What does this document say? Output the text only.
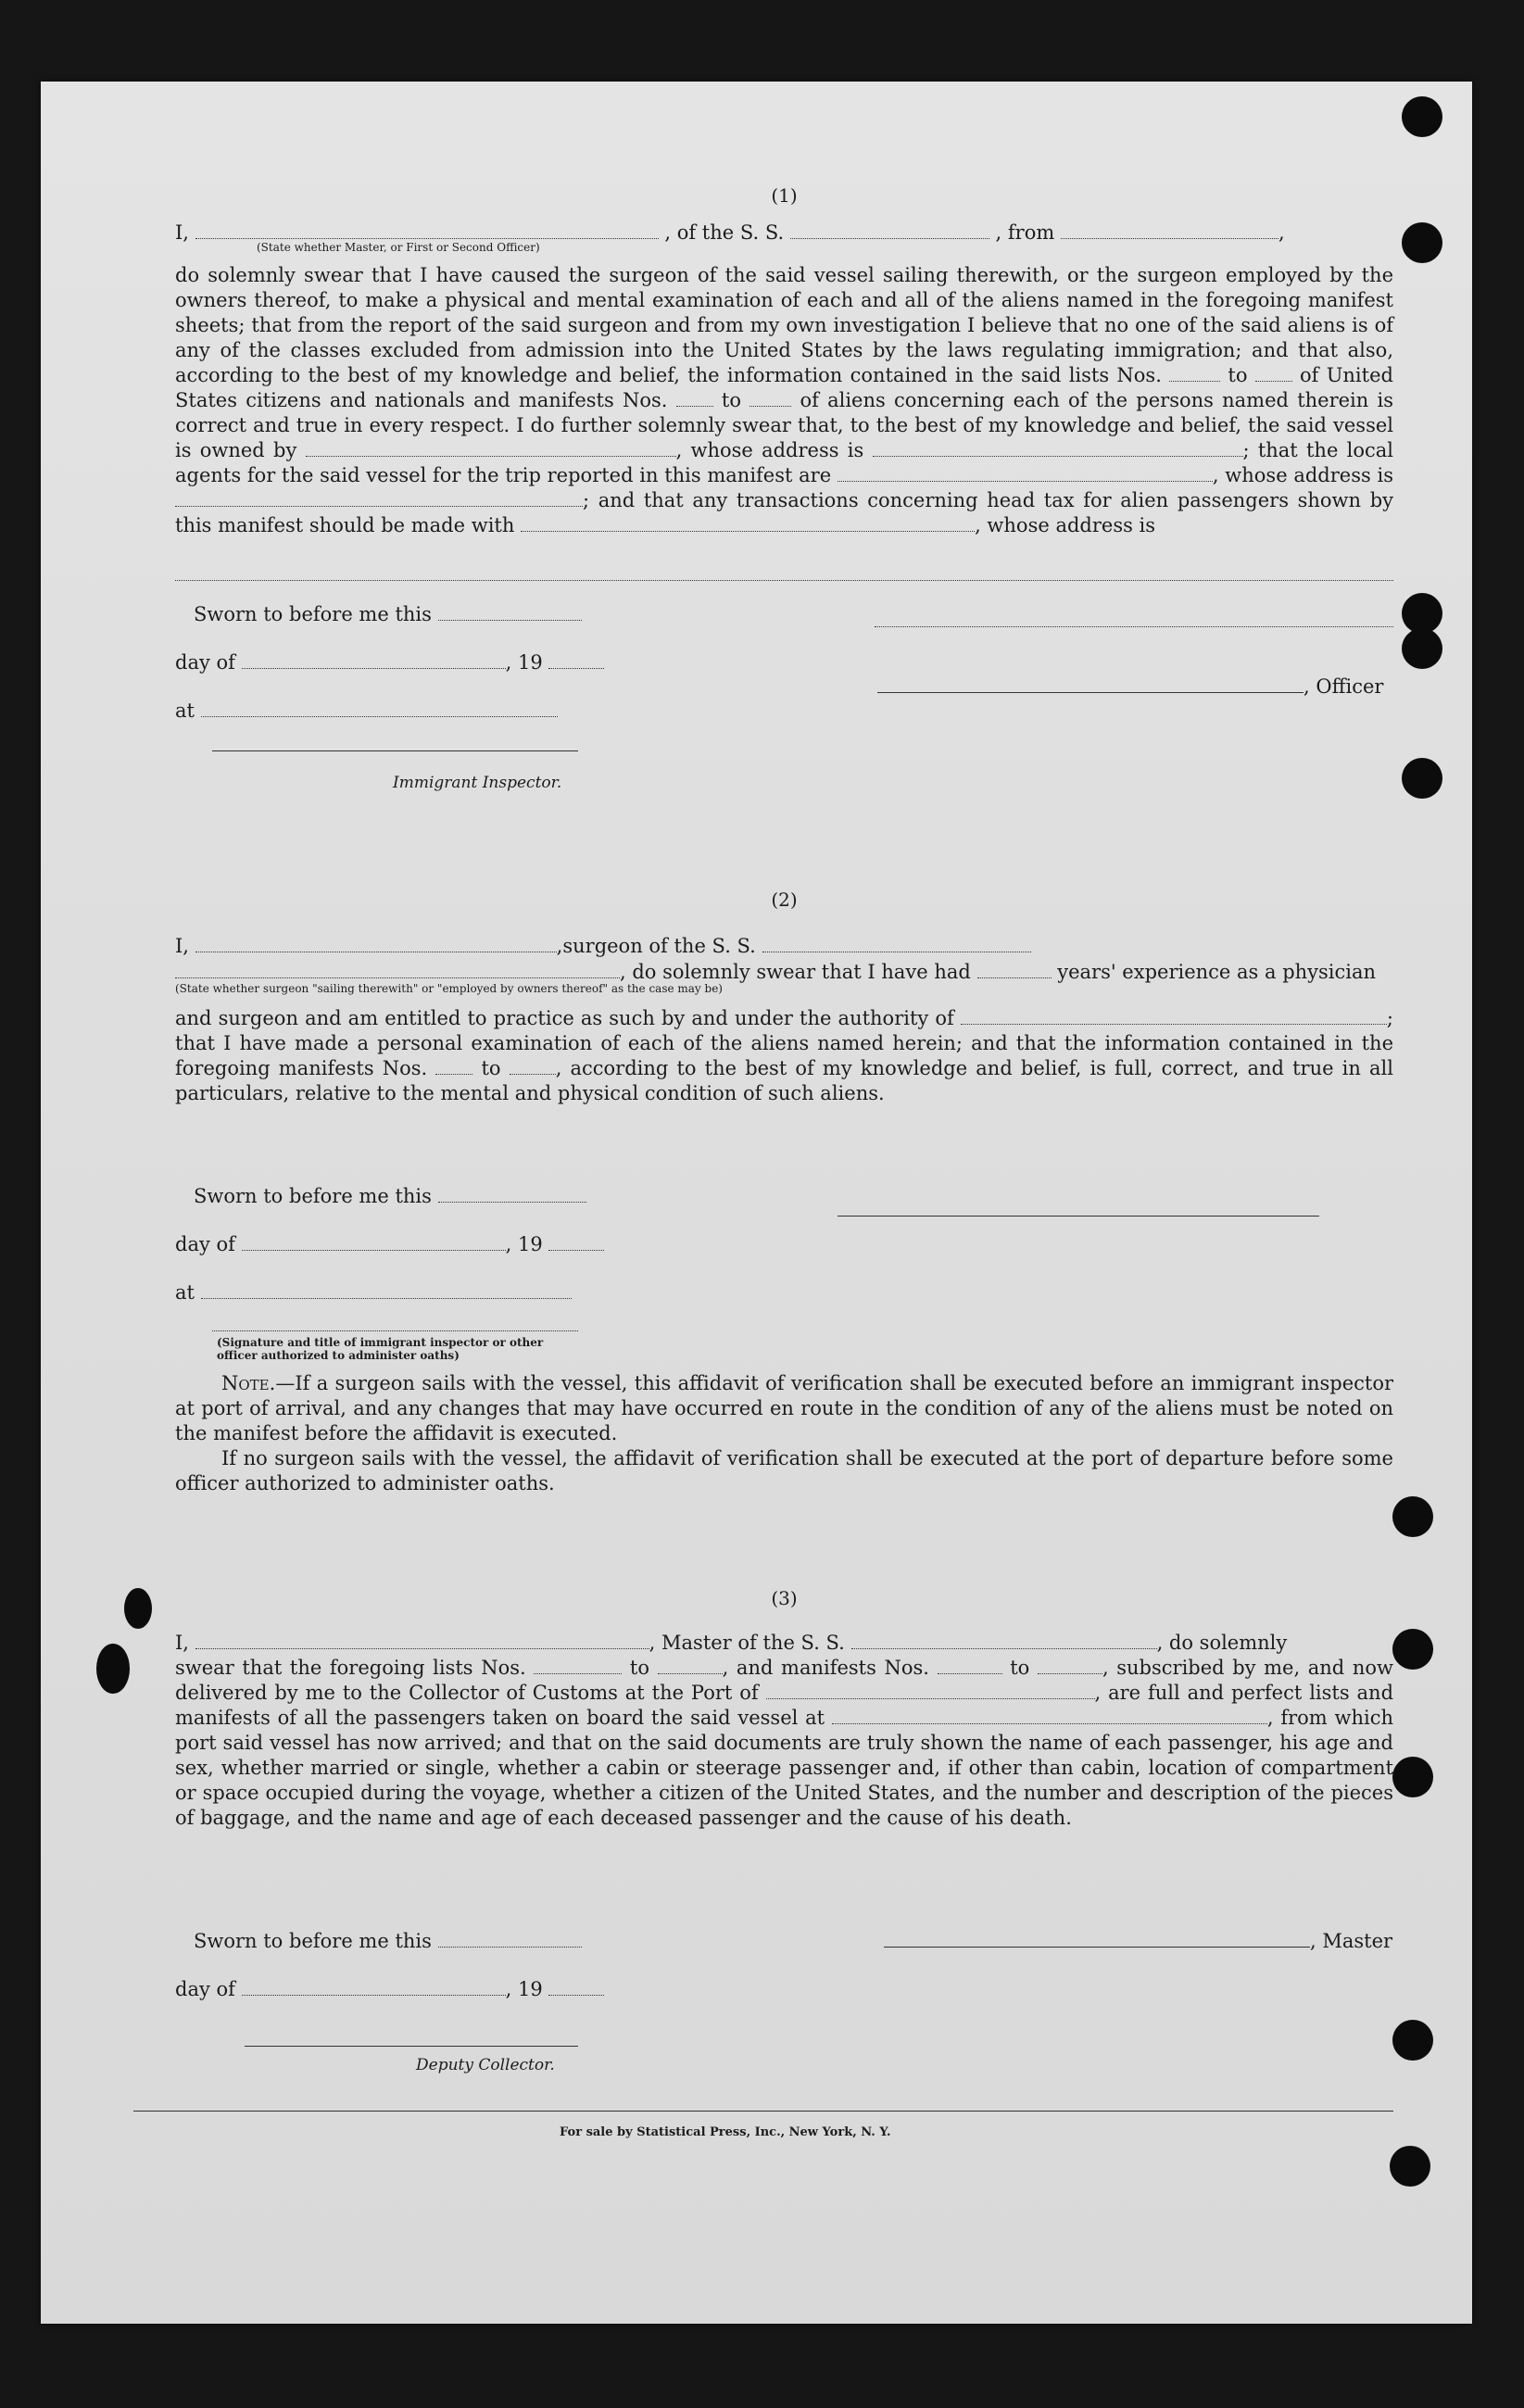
(1)
I,	, of the S. S.	, from	,
(State whether Master, or First or Second Officer)
do solemnly swear that I have caused the surgeon of the said vessel sailing therewith, or the surgeon employed by the owners thereof, to make a physical and mental examination of each and all of the aliens named in the foregoing manifest sheets; that from the report of the said surgeon and from my own investigation I believe that no one of the said aliens is of any of the classes excluded from admission into the United States by the laws regulating immigration; and that also, according to the best of my knowledge and belief, the information contained in the said lists Nos.	to	of United States citizens and nationals and manifests Nos.	to	of aliens concerning each of the persons named therein is correct and true in every respect. I do further solemnly swear that, to the best of my knowledge and belief, the said vessel is owned by	, whose address is	; that the local agents for the said vessel for the trip reported in this manifest are	, whose address is ; and that any transactions concerning head tax for alien passengers shown by this manifest should be made with	, whose address is
Sworn to before me this
day of	, 19
, Officer
at
Immigrant Inspector.
(2)
I,	,surgeon of the S. S.
, do solemnly swear that I have had	years' experience as a physician
(State whether surgeon "sailing therewith" or "employed by owners thereof" as the case may be)
and surgeon and am entitled to practice as such by and under the authority of	; that I have made a personal examination of each of the aliens named herein; and that the information contained in the foregoing manifests Nos.	to	, according to the best of my knowledge and belief, is full, correct, and true in all particulars, relative to the mental and physical condition of such aliens.
Sworn to before me this
day of	, 19
at
(Signature and title of immigrant inspector or other officer authorized to administer oaths)
Note.—If a surgeon sails with the vessel, this affidavit of verification shall be executed before an immigrant inspector at port of arrival, and any changes that may have occurred en route in the condition of any of the aliens must be noted on the manifest before the affidavit is executed.
If no surgeon sails with the vessel, the affidavit of verification shall be executed at the port of departure before some officer authorized to administer oaths.
(3)
I,	, Master of the S. S.	, do solemnly
swear that the foregoing lists Nos.	to	, and manifests Nos.	to	, subscribed by me, and now delivered by me to the Collector of Customs at the Port of	, are full and perfect lists and manifests of all the passengers taken on board the said vessel at	, from which port said vessel has now arrived; and that on the said documents are truly shown the name of each passenger, his age and sex, whether married or single, whether a cabin or steerage passenger and, if other than cabin, location of compartment or space occupied during the voyage, whether a citizen of the United States, and the number and description of the pieces of baggage, and the name and age of each deceased passenger and the cause of his death.
Sworn to before me this	, Master
day of	, 19
Deputy Collector.
For sale by Statistical Press, Inc., New York, N. Y.
